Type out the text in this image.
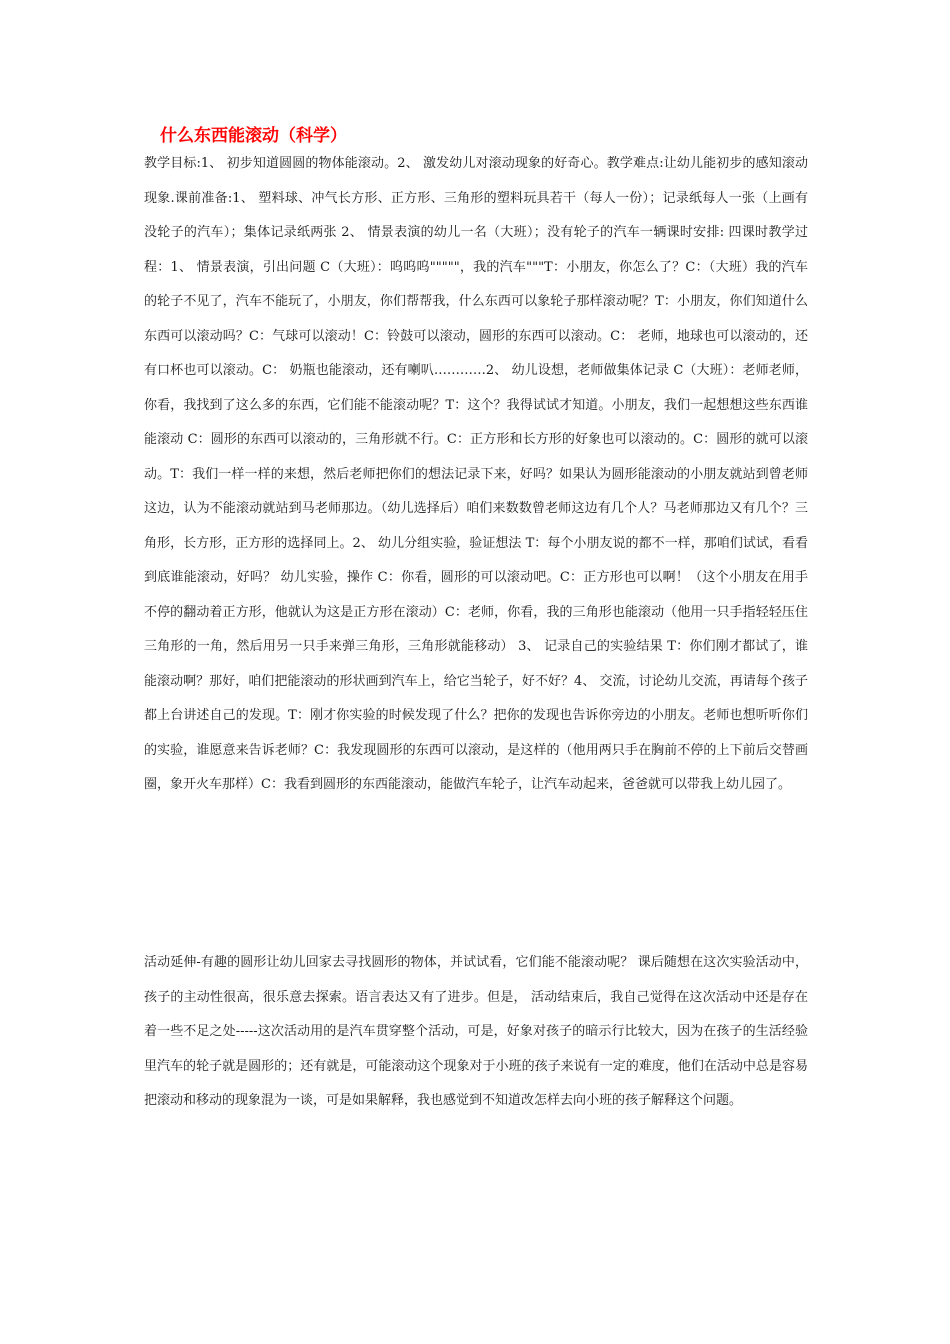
什么东西能滚动（科学）

教学目标:1、 初步知道圆圆的物体能滚动。2、 激发幼儿对滚动现象的好奇心。教学难点:让幼儿能初步的感知滚动现象.课前准备:1、 塑料球、冲气长方形、正方形、三角形的塑料玩具若干（每人一份）；记录纸每人一张（上画有没轮子的汽车）；集体记录纸两张 2、 情景表演的幼儿一名（大班）；没有轮子的汽车一辆课时安排: 四课时教学过程：1、 情景表演，引出问题 C（大班）：呜呜呜"""""，我的汽车"""T：小朋友，你怎么了？C：（大班）我的汽车的轮子不见了，汽车不能玩了，小朋友，你们帮帮我，什么东西可以象轮子那样滚动呢？T：小朋友，你们知道什么东西可以滚动吗？C：气球可以滚动！C：铃鼓可以滚动，圆形的东西可以滚动。C： 老师，地球也可以滚动的，还有口杯也可以滚动。C： 奶瓶也能滚动，还有喇叭…………2、 幼儿设想，老师做集体记录 C（大班）：老师老师，你看，我找到了这么多的东西，它们能不能滚动呢？T：这个？我得试试才知道。小朋友，我们一起想想这些东西谁能滚动 C：圆形的东西可以滚动的，三角形就不行。C：正方形和长方形的好象也可以滚动的。C：圆形的就可以滚动。T：我们一样一样的来想，然后老师把你们的想法记录下来，好吗？如果认为圆形能滚动的小朋友就站到曾老师这边，认为不能滚动就站到马老师那边。（幼儿选择后）咱们来数数曾老师这边有几个人？马老师那边又有几个？三角形，长方形，正方形的选择同上。2、 幼儿分组实验，验证想法 T：每个小朋友说的都不一样，那咱们试试，看看到底谁能滚动，好吗？ 幼儿实验，操作 C：你看，圆形的可以滚动吧。C：正方形也可以啊！（这个小朋友在用手不停的翻动着正方形，他就认为这是正方形在滚动）C：老师，你看，我的三角形也能滚动（他用一只手指轻轻压住三角形的一角，然后用另一只手来弹三角形，三角形就能移动） 3、 记录自己的实验结果 T：你们刚才都试了，谁能滚动啊？那好，咱们把能滚动的形状画到汽车上，给它当轮子，好不好？4、 交流，讨论幼儿交流，再请每个孩子都上台讲述自己的发现。T：刚才你实验的时候发现了什么？把你的发现也告诉你旁边的小朋友。老师也想听听你们的实验，谁愿意来告诉老师？C：我发现圆形的东西可以滚动，是这样的（他用两只手在胸前不停的上下前后交替画圈，象开火车那样）C：我看到圆形的东西能滚动，能做汽车轮子，让汽车动起来，爸爸就可以带我上幼儿园了。

活动延伸-有趣的圆形让幼儿回家去寻找圆形的物体，并试试看，它们能不能滚动呢？ 课后随想在这次实验活动中，孩子的主动性很高，很乐意去探索。语言表达又有了进步。但是， 活动结束后，我自己觉得在这次活动中还是存在着一些不足之处-----这次活动用的是汽车贯穿整个活动，可是，好象对孩子的暗示行比较大，因为在孩子的生活经验里汽车的轮子就是圆形的；还有就是，可能滚动这个现象对于小班的孩子来说有一定的难度，他们在活动中总是容易把滚动和移动的现象混为一谈，可是如果解释，我也感觉到不知道改怎样去向小班的孩子解释这个问题。
